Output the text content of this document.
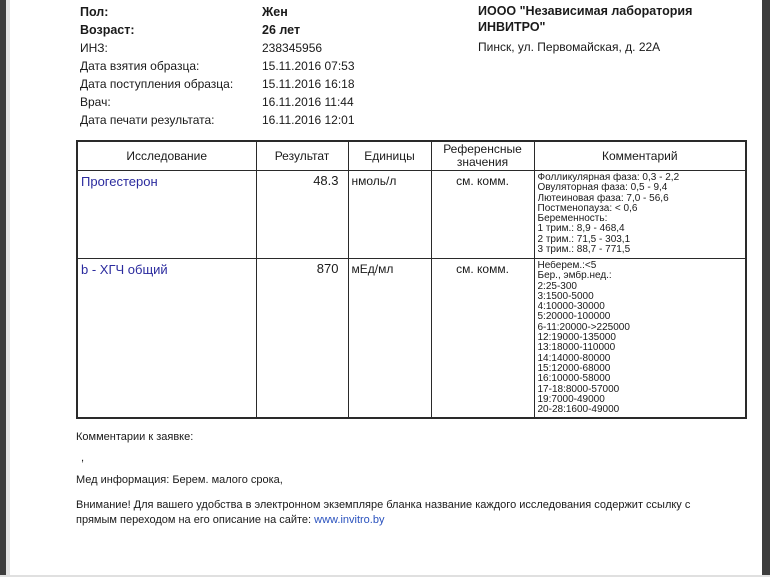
Пол:	Жен
Возраст:	26 лет
ИНЗ:	238345956
Дата взятия образца:	15.11.2016 07:53
Дата поступления образца:	15.11.2016 16:18
Врач:	16.11.2016 11:44
Дата печати результата:	16.11.2016 12:01
ИООО "Независимая лаборатория ИНВИТРО"
Пинск, ул. Первомайская, д. 22А
Исследование	Результат	Единицы	Референсные значения	Комментарий
Прогестерон	48.3	нмоль/л	см. комм.	Фолликулярная фаза: 0,3 - 2,2
Овуляторная фаза: 0,5 - 9,4
Лютеиновая фаза: 7,0 - 56,6
Постменопауза: < 0,6
Беременность:
1 трим.: 8,9 - 468,4
2 трим.: 71,5 - 303,1
3 трим.: 88,7 - 771,5

b - ХГЧ общий	870	мЕд/мл	см. комм.	Неберем.:<5
Бер., эмбр.нед.:
2:25-300
3:1500-5000
4:10000-30000
5:20000-100000
6-11:20000->225000
12:19000-135000
13:18000-110000
14:14000-80000
15:12000-68000
16:10000-58000
17-18:8000-57000
19:7000-49000
20-28:1600-49000
Комментарии к заявке:
,
Мед информация: Берем. малого срока,
Внимание! Для вашего удобства в электронном экземпляре бланка название каждого исследования содержит ссылку с прямым переходом на его описание на сайте: www.invitro.by
